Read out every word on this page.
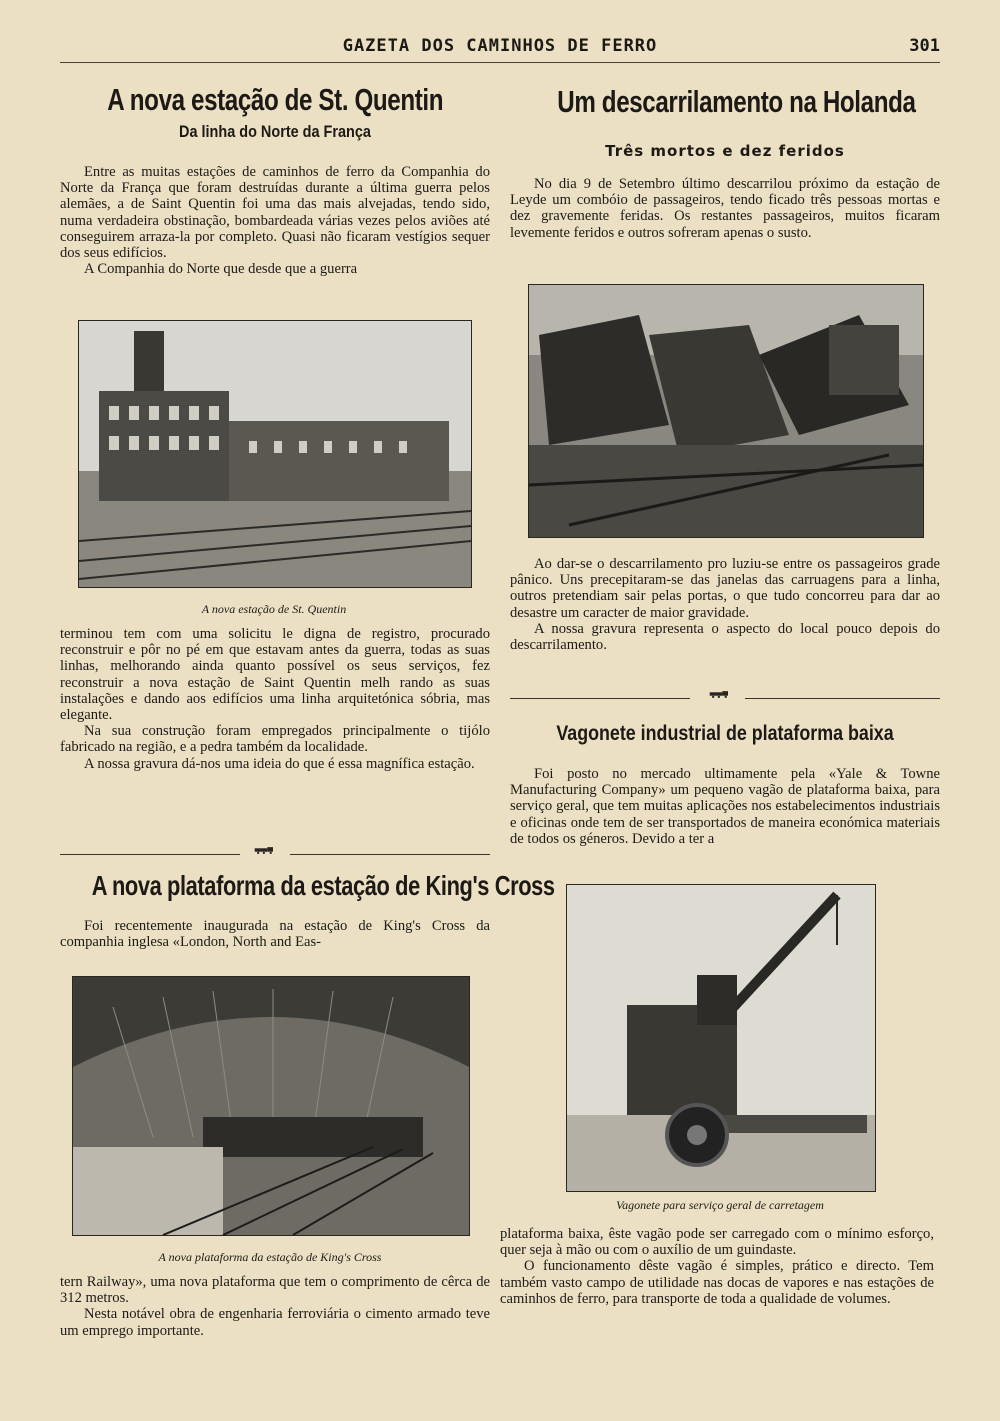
GAZETA DOS CAMINHOS DE FERRO	301
A nova estação de St. Quentin
Da linha do Norte da França

Entre as muitas estações de caminhos de ferro da Companhia do Norte da França que foram destruídas durante a última guerra pelos alemães, a de Saint Quentin foi uma das mais alvejadas, tendo sido, numa verdadeira obstinação, bombardeada várias vezes pelos aviões até conseguirem arraza-la por completo. Quasi não ficaram vestígios sequer dos seus edifícios.

A Companhia do Norte que desde que a guerra

A nova estação de St. Quentin

terminou tem com uma solicitu le digna de registro, procurado reconstruir e pôr no pé em que estavam antes da guerra, todas as suas linhas, melhorando ainda quanto possível os seus serviços, fez reconstruir a nova estação de Saint Quentin melh rando as suas instalações e dando aos edifícios uma linha arquitetónica sóbria, mas elegante.

Na sua construção foram empregados principalmente o tijólo fabricado na região, e a pedra também da localidade.

A nossa gravura dá-nos uma ideia do que é essa magnífica estação.

A nova plataforma da estação de King's Cross

Foi recentemente inaugurada na estação de King's Cross da companhia inglesa «London, North and Eas-

A nova plataforma da estação de King's Cross

tern Railway», uma nova plataforma que tem o comprimento de cêrca de 312 metros.

Nesta notável obra de engenharia ferroviária o cimento armado teve um emprego importante.

Um descarrilamento na Holanda
Três mortos e dez feridos

No dia 9 de Setembro último descarrilou próximo da estação de Leyde um combóio de passageiros, tendo ficado três pessoas mortas e dez gravemente feridas. Os restantes passageiros, muitos ficaram levemente feridos e outros sofreram apenas o susto.

Ao dar-se o descarrilamento pro luziu-se entre os passageiros grade pânico. Uns precepitaram-se das janelas das carruagens para a linha, outros pretendiam sair pelas portas, o que tudo concorreu para dar ao desastre um caracter de maior gravidade.

A nossa gravura representa o aspecto do local pouco depois do descarrilamento.

Vagonete industrial de plataforma baixa

Foi posto no mercado ultimamente pela «Yale & Towne Manufacturing Company» um pequeno vagão de plataforma baixa, para serviço geral, que tem muitas aplicações nos estabelecimentos industriais e oficinas onde tem de ser transportados de maneira económica materiais de todos os géneros. Devido a ter a

Vagonete para serviço geral de carretagem

plataforma baixa, êste vagão pode ser carregado com o mínimo esforço, quer seja à mão ou com o auxílio de um guindaste.

O funcionamento dêste vagão é simples, prático e directo. Tem também vasto campo de utilidade nas docas de vapores e nas estações de caminhos de ferro, para transporte de toda a qualidade de volumes.
